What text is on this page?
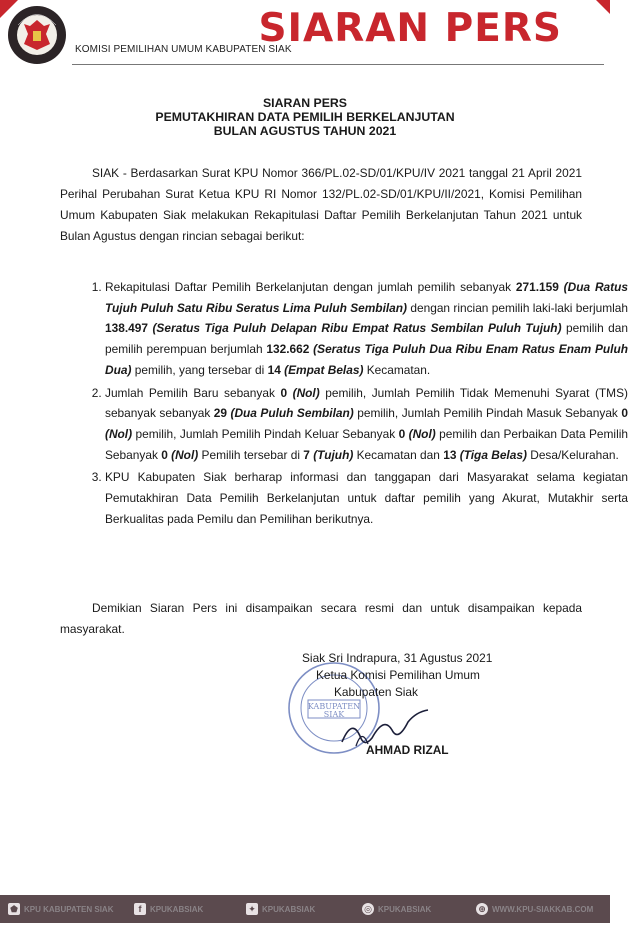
KOMISI PEMILIHAN UMUM KABUPATEN SIAK
SIARAN PERS
SIARAN PERS
PEMUTAKHIRAN DATA PEMILIH BERKELANJUTAN
BULAN AGUSTUS TAHUN 2021
SIAK - Berdasarkan Surat KPU Nomor 366/PL.02-SD/01/KPU/IV 2021 tanggal 21 April 2021 Perihal Perubahan Surat Ketua KPU RI Nomor 132/PL.02-SD/01/KPU/II/2021, Komisi Pemilihan Umum Kabupaten Siak melakukan Rekapitulasi Daftar Pemilih Berkelanjutan Tahun 2021 untuk Bulan Agustus dengan rincian sebagai berikut:
1. Rekapitulasi Daftar Pemilih Berkelanjutan dengan jumlah pemilih sebanyak 271.159 (Dua Ratus Tujuh Puluh Satu Ribu Seratus Lima Puluh Sembilan) dengan rincian pemilih laki-laki berjumlah 138.497 (Seratus Tiga Puluh Delapan Ribu Empat Ratus Sembilan Puluh Tujuh) pemilih dan pemilih perempuan berjumlah 132.662 (Seratus Tiga Puluh Dua Ribu Enam Ratus Enam Puluh Dua) pemilih, yang tersebar di 14 (Empat Belas) Kecamatan.
2. Jumlah Pemilih Baru sebanyak 0 (Nol) pemilih, Jumlah Pemilih Tidak Memenuhi Syarat (TMS) sebanyak sebanyak 29 (Dua Puluh Sembilan) pemilih, Jumlah Pemilih Pindah Masuk Sebanyak 0 (Nol) pemilih, Jumlah Pemilih Pindah Keluar Sebanyak 0 (Nol) pemilih dan Perbaikan Data Pemilih Sebanyak 0 (Nol) Pemilih tersebar di 7 (Tujuh) Kecamatan dan 13 (Tiga Belas) Desa/Kelurahan.
3. KPU Kabupaten Siak berharap informasi dan tanggapan dari Masyarakat selama kegiatan Pemutakhiran Data Pemilih Berkelanjutan untuk daftar pemilih yang Akurat, Mutakhir serta Berkualitas pada Pemilu dan Pemilihan berikutnya.
Demikian Siaran Pers ini disampaikan secara resmi dan untuk disampaikan kepada masyarakat.
KABUPATEN
SIAK
Siak Sri Indrapura, 31 Agustus 2021
Ketua Komisi Pemilihan Umum
Kabupaten Siak
AHMAD RIZAL
⬟ KPU KABUPATEN SIAK	f	KPUKABSIAK	✦ KPUKABSIAK	◎ KPUKABSIAK	⊕ WWW.KPU-SIAKKAB.COM
